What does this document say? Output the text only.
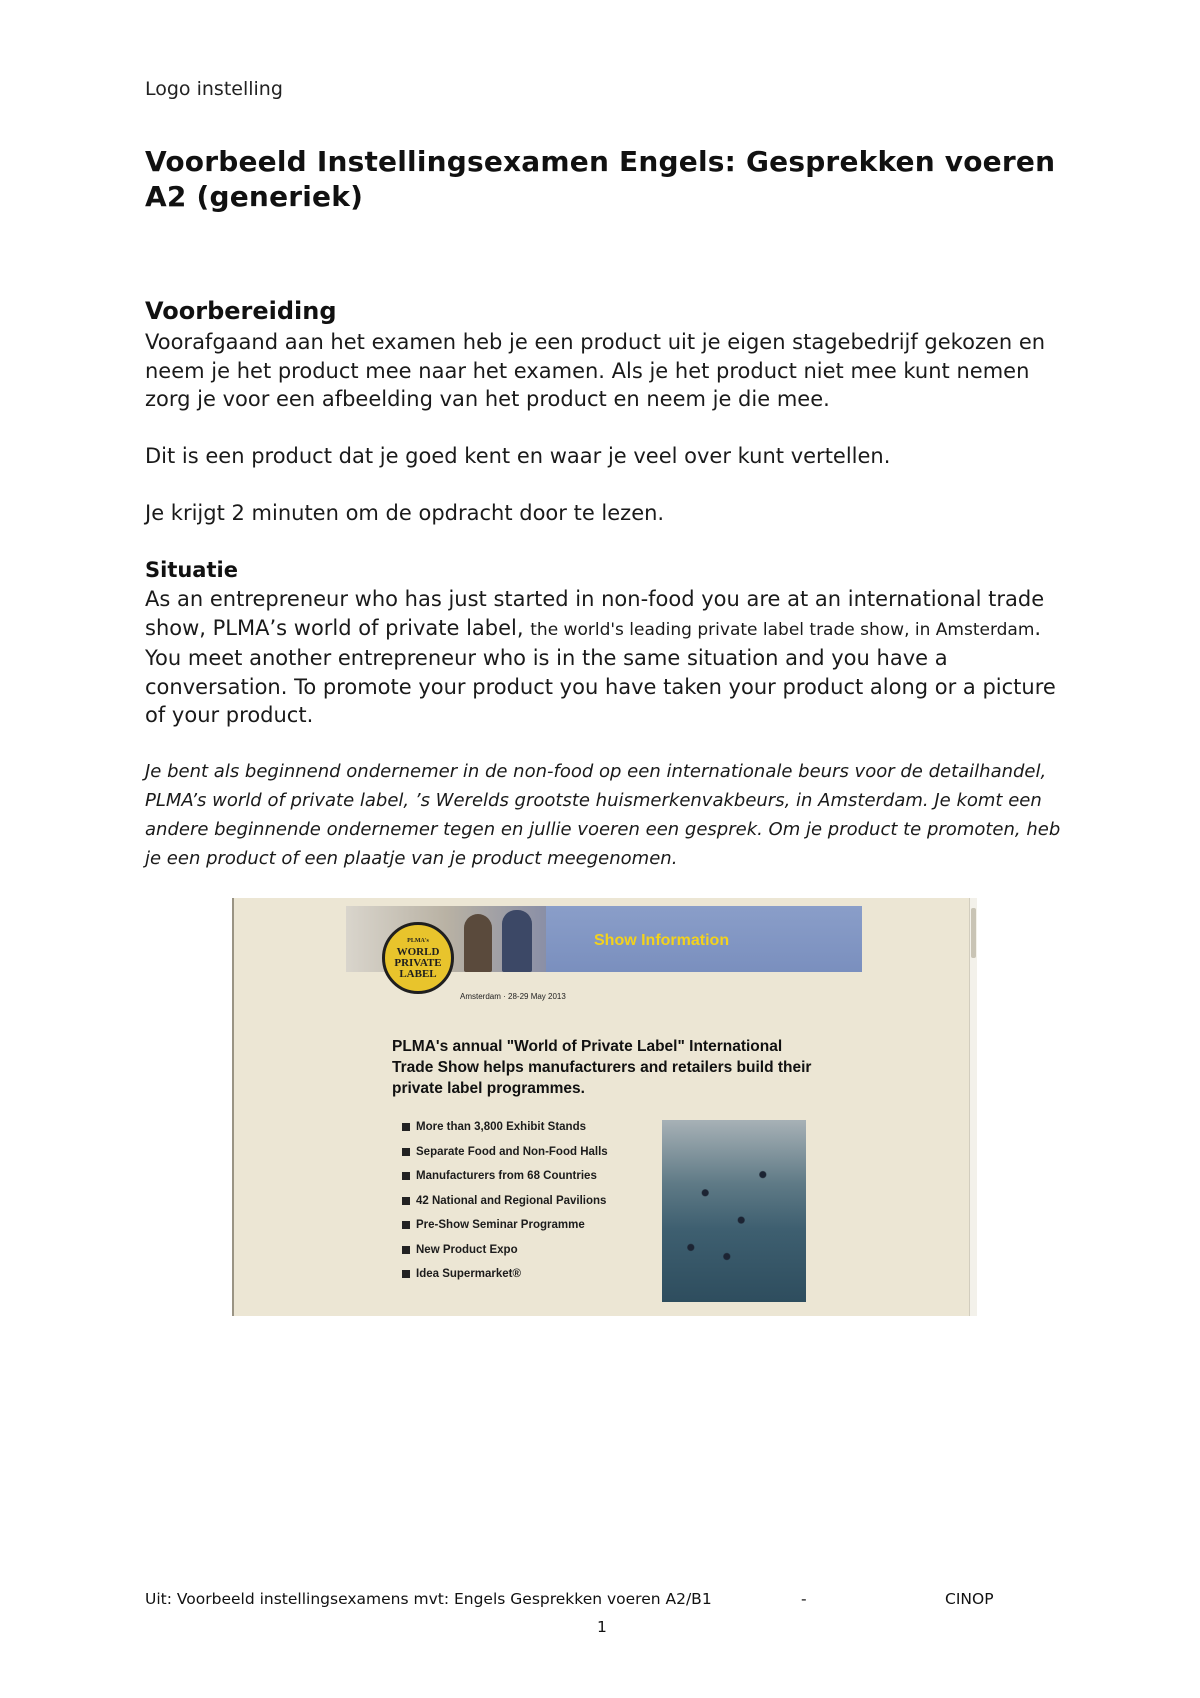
Logo instelling
Voorbeeld Instellingsexamen Engels: Gesprekken voeren A2 (generiek)
Voorbereiding

Voorafgaand aan het examen heb je een product uit je eigen stagebedrijf gekozen en neem je het product mee naar het examen. Als je het product niet mee kunt nemen zorg je voor een afbeelding van het product en neem je die mee.

Dit is een product dat je goed kent en waar je veel over kunt vertellen.

Je krijgt 2 minuten om de opdracht door te lezen.

Situatie

As an entrepreneur who has just started in non-food you are at an international trade show, PLMA’s world of private label, the world's leading private label trade show, in Amsterdam. You meet another entrepreneur who is in the same situation and you have a conversation. To promote your product you have taken your product along or a picture of your product.

Je bent als beginnend ondernemer in de non-food op een internationale beurs voor de detailhandel, PLMA’s world of private label, ’s Werelds grootste huismerkenvakbeurs, in Amsterdam. Je komt een andere beginnende ondernemer tegen en jullie voeren een gesprek. Om je product te promoten, heb je een product of een plaatje van je product meegenomen.

Show Information
PLMA's
WORLD
PRIVATE
LABEL
Amsterdam · 28-29 May 2013

PLMA's annual "World of Private Label" International Trade Show helps manufacturers and retailers build their private label programmes.

More than 3,800 Exhibit Stands
Separate Food and Non-Food Halls
Manufacturers from 68 Countries
42 National and Regional Pavilions
Pre-Show Seminar Programme
New Product Expo
Idea Supermarket®
Uit: Voorbeeld instellingsexamens mvt: Engels Gesprekken voeren A2/B1	-	CINOP
1
